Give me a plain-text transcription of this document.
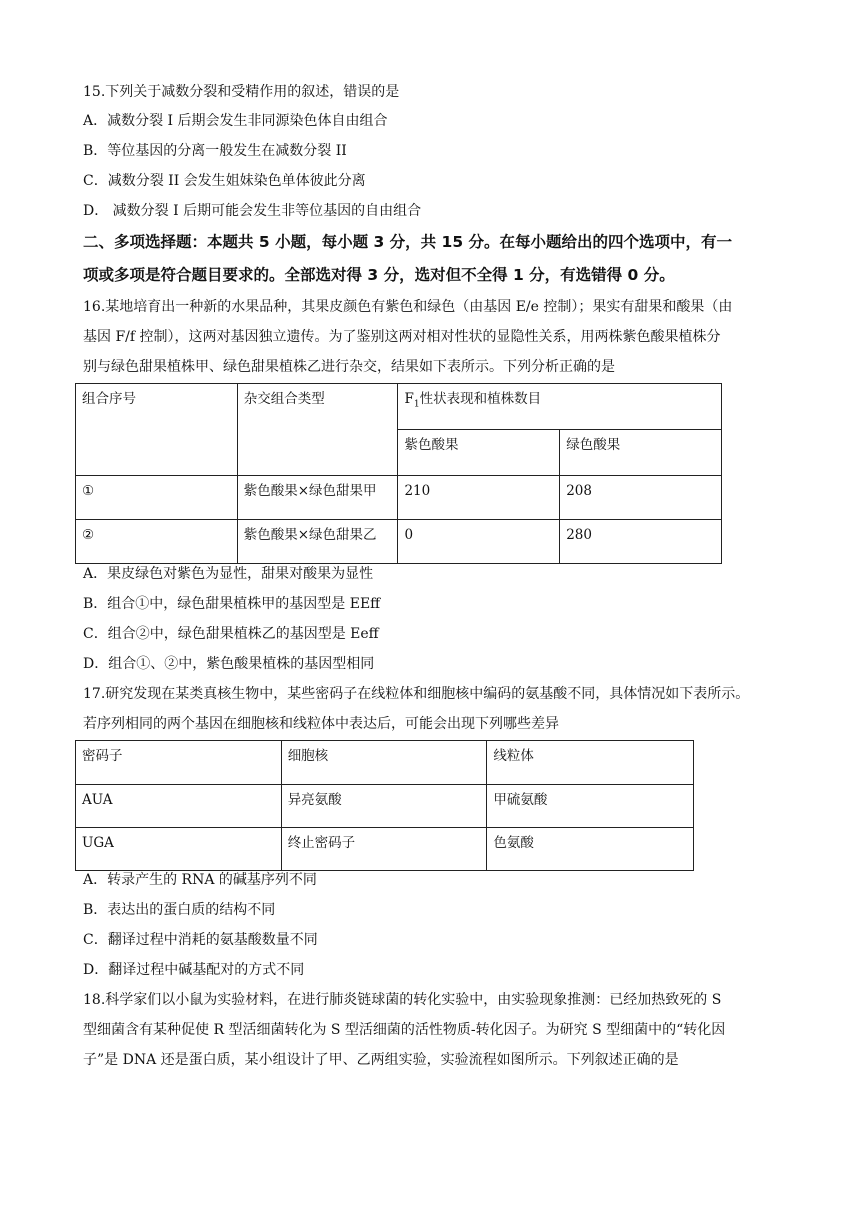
15.下列关于减数分裂和受精作用的叙述，错误的是
A．减数分裂 I 后期会发生非同源染色体自由组合
B．等位基因的分离一般发生在减数分裂 II
C．减数分裂 II 会发生姐妹染色单体彼此分离
D． 减数分裂 I 后期可能会发生非等位基因的自由组合
二、多项选择题：本题共 5 小题，每小题 3 分，共 15 分。在每小题给出的四个选项中，有一
项或多项是符合题目要求的。全部选对得 3 分，选对但不全得 1 分，有选错得 0 分。
16.某地培育出一种新的水果品种，其果皮颜色有紫色和绿色（由基因 E/e 控制）；果实有甜果和酸果（由
基因 F/f 控制），这两对基因独立遗传。为了鉴别这两对相对性状的显隐性关系，用两株紫色酸果植株分
别与绿色甜果植株甲、绿色甜果植株乙进行杂交，结果如下表所示。下列分析正确的是
组合序号	杂交组合类型	$F_1$性状表现和植株数目	
		紫色酸果	绿色酸果
①	紫色酸果×绿色甜果甲	210	208
②	紫色酸果×绿色甜果乙	0	280
A．果皮绿色对紫色为显性，甜果对酸果为显性
B．组合①中，绿色甜果植株甲的基因型是 EEff
C．组合②中，绿色甜果植株乙的基因型是 Eeff
D．组合①、②中，紫色酸果植株的基因型相同
17.研究发现在某类真核生物中，某些密码子在线粒体和细胞核中编码的氨基酸不同，具体情况如下表所示。
若序列相同的两个基因在细胞核和线粒体中表达后，可能会出现下列哪些差异
密码子	细胞核	线粒体
AUA	异亮氨酸	甲硫氨酸
UGA	终止密码子	色氨酸
A．转录产生的 RNA 的碱基序列不同
B．表达出的蛋白质的结构不同
C．翻译过程中消耗的氨基酸数量不同
D．翻译过程中碱基配对的方式不同
18.科学家们以小鼠为实验材料，在进行肺炎链球菌的转化实验中，由实验现象推测：已经加热致死的 S
型细菌含有某种促使 R 型活细菌转化为 S 型活细菌的活性物质-转化因子。为研究 S 型细菌中的“转化因
子”是 DNA 还是蛋白质，某小组设计了甲、乙两组实验，实验流程如图所示。下列叙述正确的是
